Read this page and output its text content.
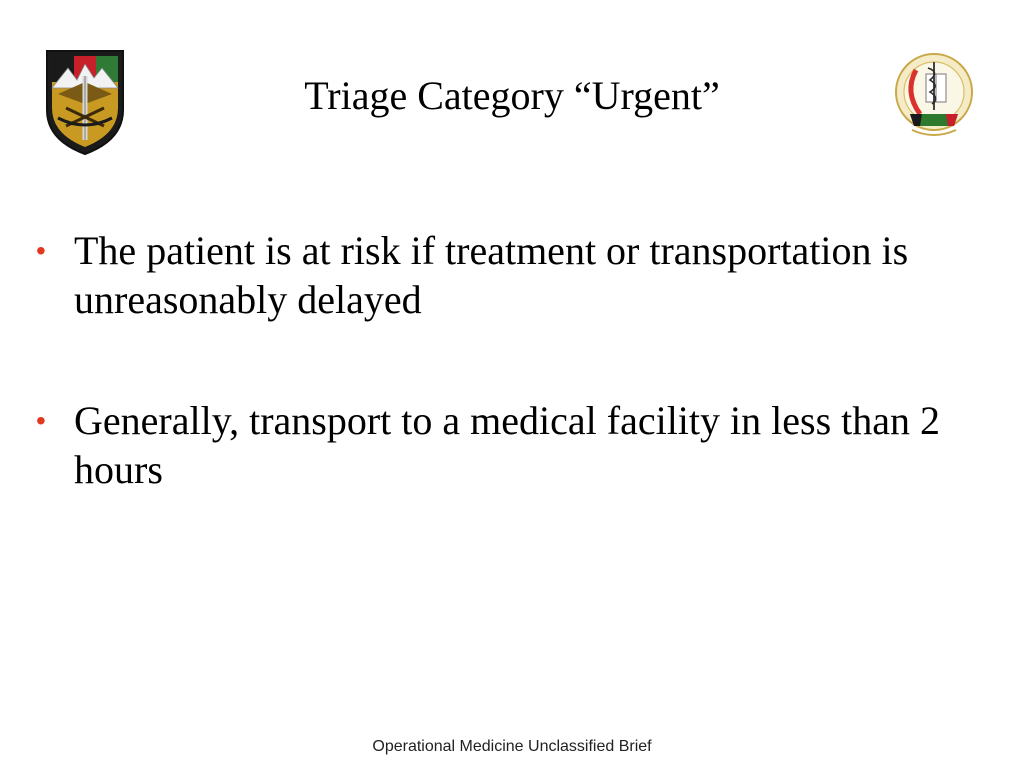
Triage Category “Urgent”
• The patient is at risk if treatment or transportation is unreasonably delayed
• Generally, transport to a medical facility in less than 2 hours
Operational Medicine Unclassified Brief
